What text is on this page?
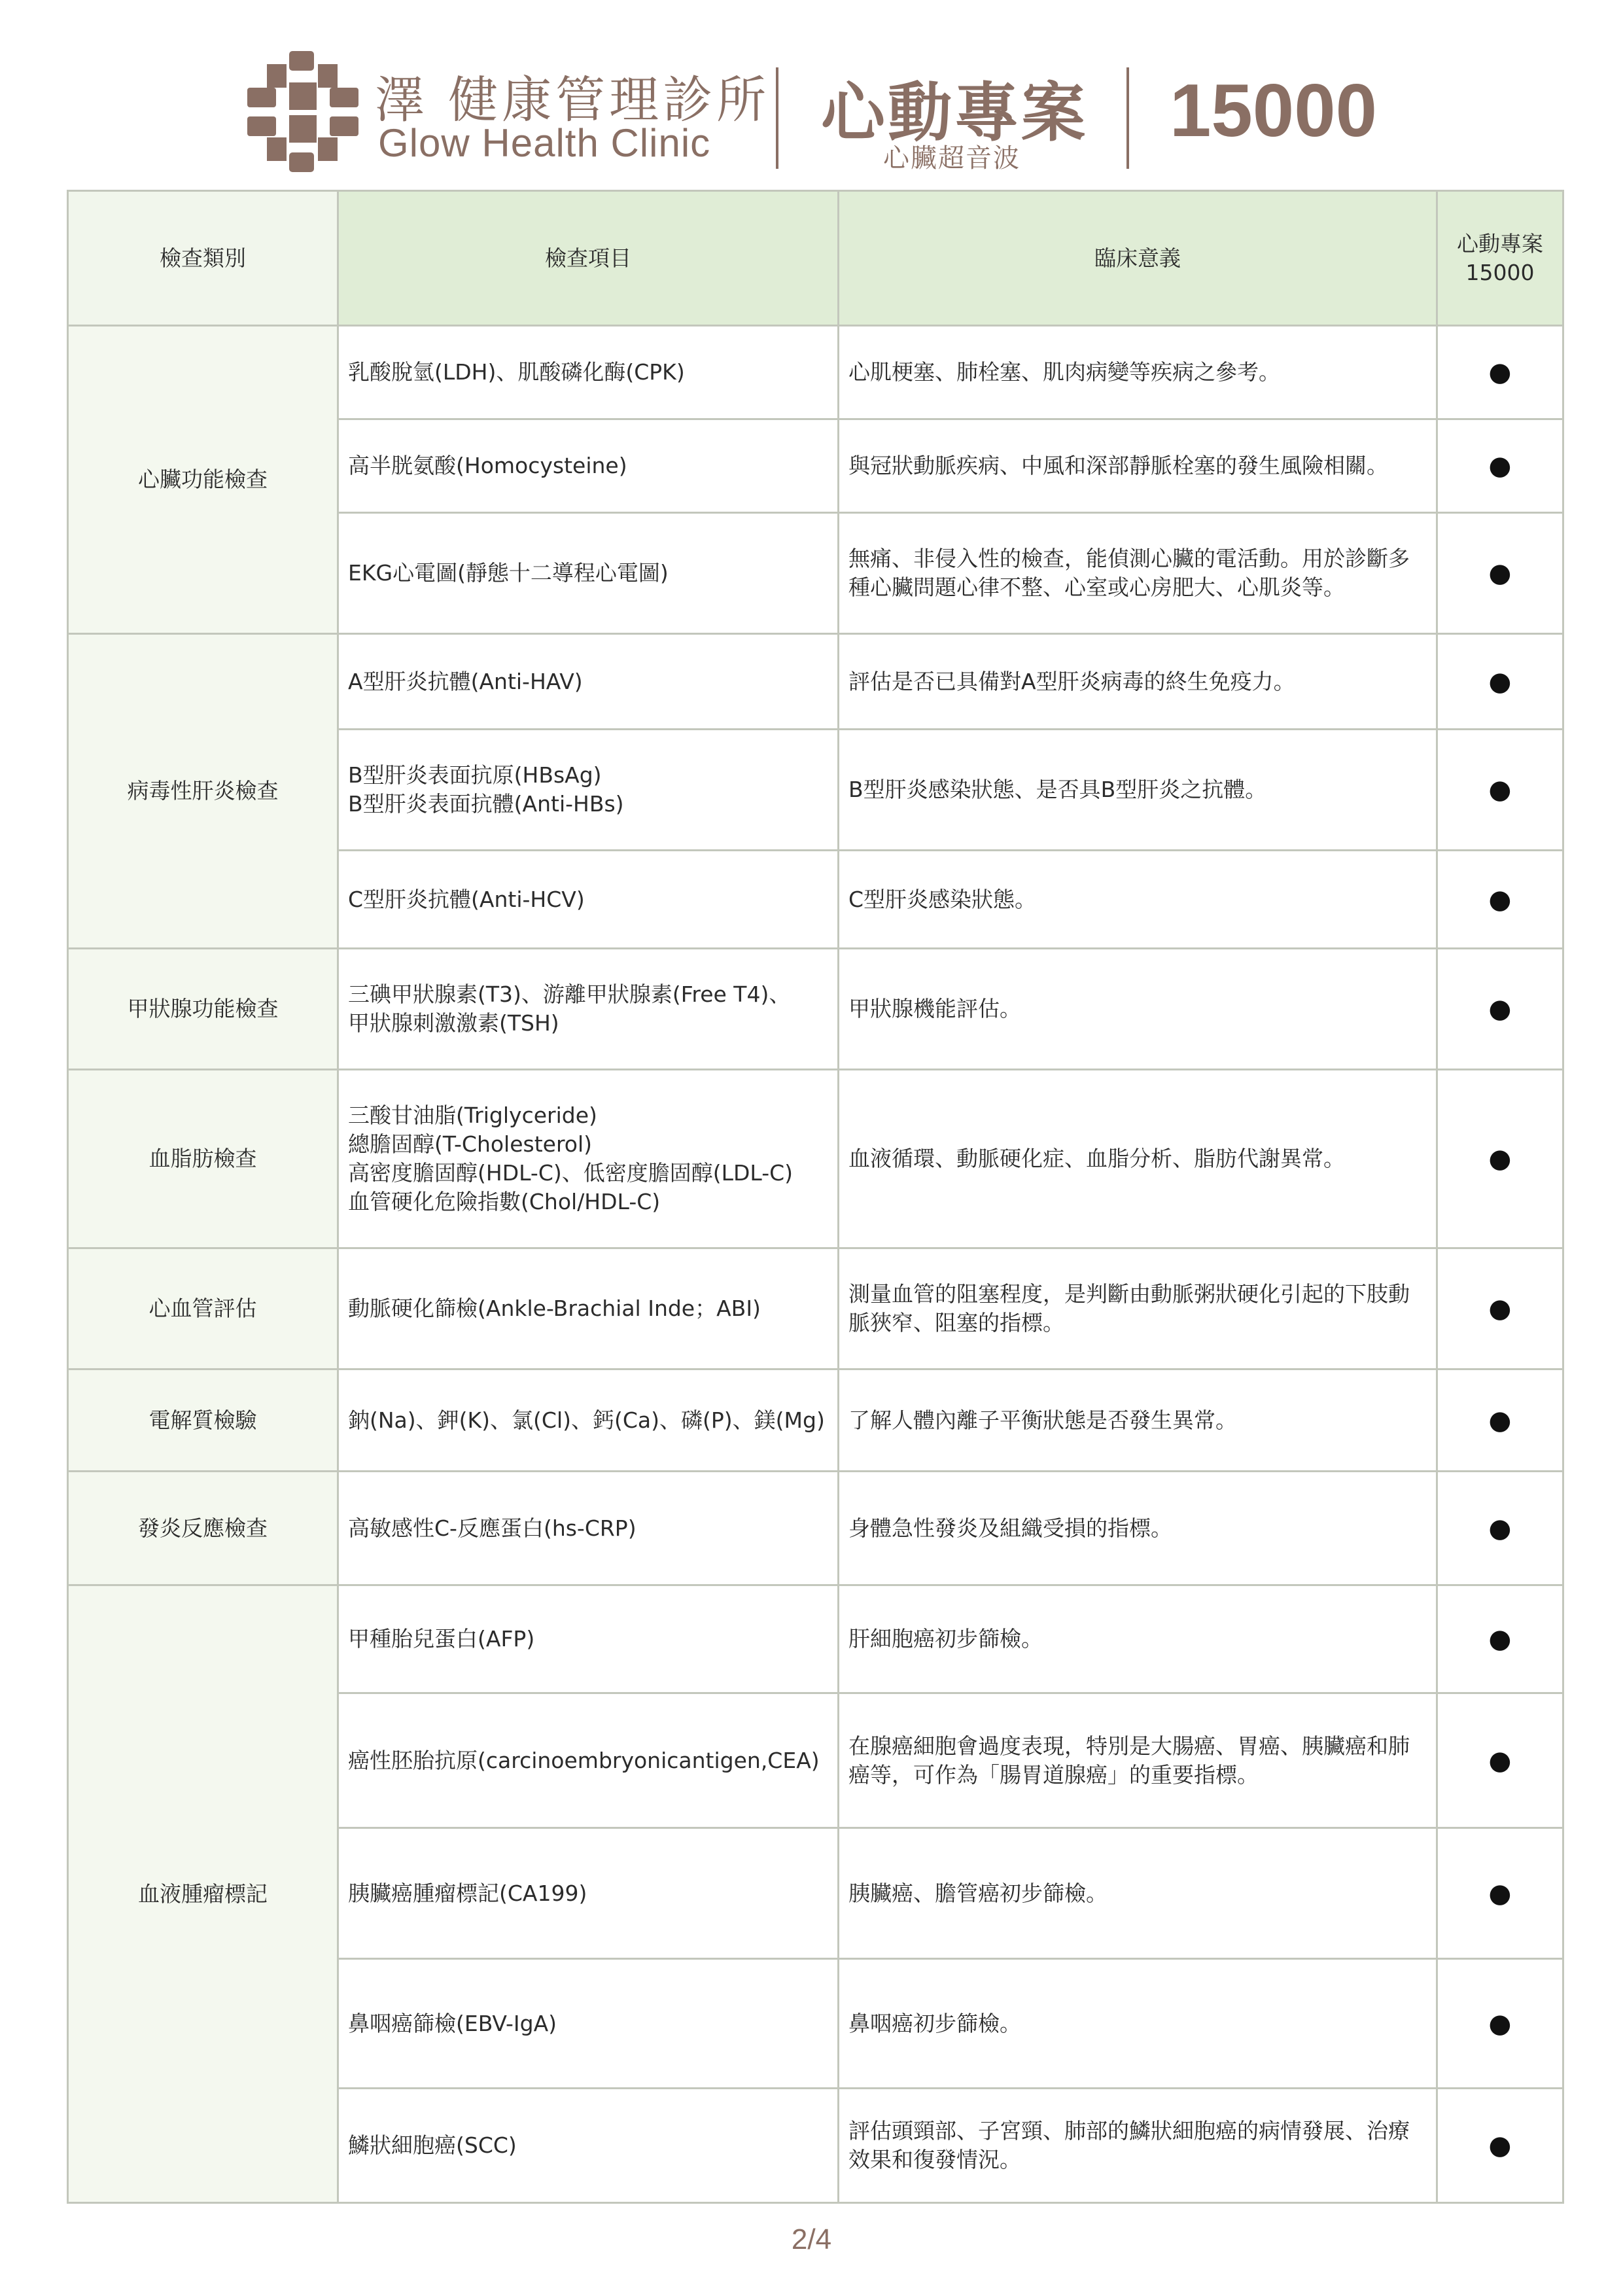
澤 健康管理診所
Glow Health Clinic 心動專案
心臟超音波
15000
檢查類別	檢查項目	臨床意義	心動專案
15000
心臟功能檢查	乳酸脫氫(LDH)、肌酸磷化酶(CPK)	心肌梗塞、肺栓塞、肌肉病變等疾病之參考。	●
	高半胱氨酸(Homocysteine)	與冠狀動脈疾病、中風和深部靜脈栓塞的發生風險相關。	●
	EKG心電圖(靜態十二導程心電圖)	無痛、非侵入性的檢查，能偵測心臟的電活動。用於診斷多
種心臟問題心律不整、心室或心房肥大、心肌炎等。	●
病毒性肝炎檢查	A型肝炎抗體(Anti-HAV)	評估是否已具備對A型肝炎病毒的終生免疫力。	●
	B型肝炎表面抗原(HBsAg)
B型肝炎表面抗體(Anti-HBs)	B型肝炎感染狀態、是否具B型肝炎之抗體。	●
	C型肝炎抗體(Anti-HCV)	C型肝炎感染狀態。	●
甲狀腺功能檢查	三碘甲狀腺素(T3)、游離甲狀腺素(Free T4)、
甲狀腺刺激激素(TSH)	甲狀腺機能評估。	●
血脂肪檢查	三酸甘油脂(Triglyceride)
總膽固醇(T-Cholesterol)
高密度膽固醇(HDL-C)、低密度膽固醇(LDL-C)
血管硬化危險指數(Chol/HDL-C)	血液循環、動脈硬化症、血脂分析、脂肪代謝異常。	●
心血管評估	動脈硬化篩檢(Ankle-Brachial Inde；ABI)	測量血管的阻塞程度，是判斷由動脈粥狀硬化引起的下肢動
脈狹窄、阻塞的指標。	●
電解質檢驗	鈉(Na)、鉀(K)、氯(Cl)、鈣(Ca)、磷(P)、鎂(Mg)	了解人體內離子平衡狀態是否發生異常。	●
發炎反應檢查	高敏感性C-反應蛋白(hs-CRP)	身體急性發炎及組織受損的指標。	●
血液腫瘤標記	甲種胎兒蛋白(AFP)	肝細胞癌初步篩檢。	●
	癌性胚胎抗原(carcinoembryonicantigen,CEA)	在腺癌細胞會過度表現，特別是大腸癌、胃癌、胰臟癌和肺
癌等，可作為「腸胃道腺癌」的重要指標。	●
	胰臟癌腫瘤標記(CA199)	胰臟癌、膽管癌初步篩檢。	●
	鼻咽癌篩檢(EBV-IgA)	鼻咽癌初步篩檢。	●
	鱗狀細胞癌(SCC)	評估頭頸部、子宮頸、肺部的鱗狀細胞癌的病情發展、治療
效果和復發情況。	●
2/4
